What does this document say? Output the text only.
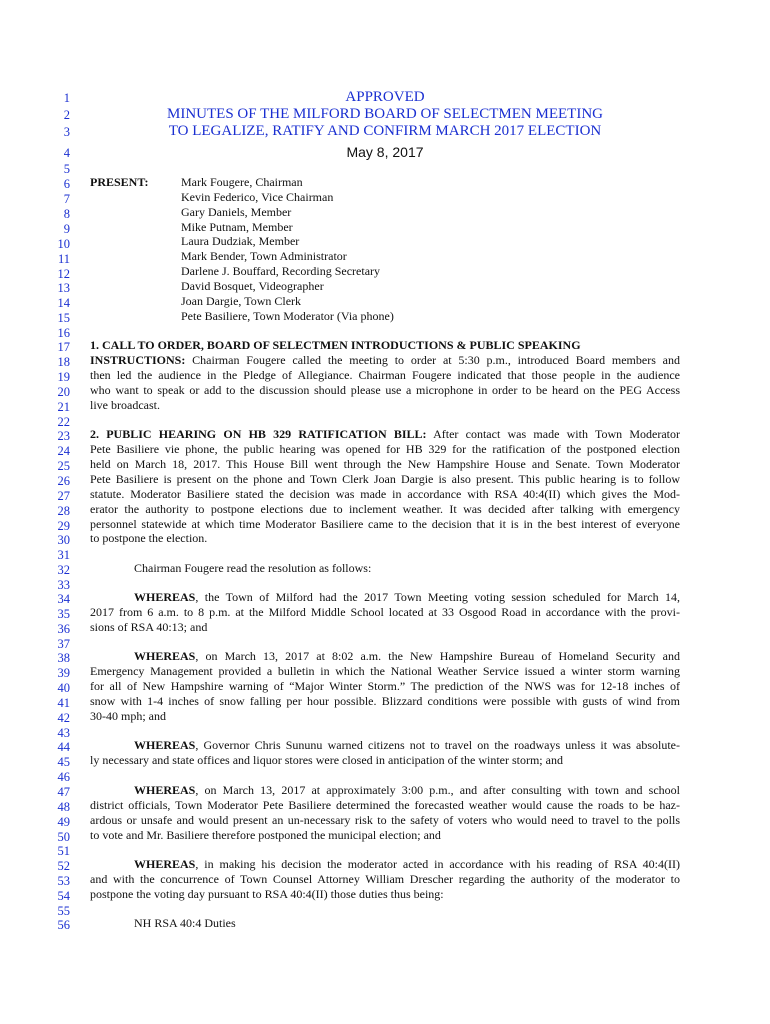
1
2
3
4
5
6
7
8
9
10
11
12
13
14
15
16
17
18
19
20
21
22
23
24
25
26
27
28
29
30
31
32
33
34
35
36
37
38
39
40
41
42
43
44
45
46
47
48
49
50
51
52
53
54
55
56
APPROVED
MINUTES OF THE MILFORD BOARD OF SELECTMEN MEETING
TO LEGALIZE, RATIFY AND CONFIRM MARCH 2017 ELECTION
May 8, 2017
PRESENT:	Mark Fougere, Chairman
Kevin Federico, Vice Chairman
Gary Daniels, Member
Mike Putnam, Member
Laura Dudziak, Member
Mark Bender, Town Administrator
Darlene J. Bouffard, Recording Secretary
David Bosquet, Videographer
Joan Dargie, Town Clerk
Pete Basiliere, Town Moderator (Via phone)
1. CALL TO ORDER, BOARD OF SELECTMEN INTRODUCTIONS & PUBLIC SPEAKING
INSTRUCTIONS: Chairman Fougere called the meeting to order at 5:30 p.m., introduced Board members and
then led the audience in the Pledge of Allegiance. Chairman Fougere indicated that those people in the audience
who want to speak or add to the discussion should please use a microphone in order to be heard on the PEG Access
live broadcast.
2. PUBLIC HEARING ON HB 329 RATIFICATION BILL: After contact was made with Town Moderator
Pete Basiliere vie phone, the public hearing was opened for HB 329 for the ratification of the postponed election
held on March 18, 2017. This House Bill went through the New Hampshire House and Senate. Town Moderator
Pete Basiliere is present on the phone and Town Clerk Joan Dargie is also present. This public hearing is to follow
statute. Moderator Basiliere stated the decision was made in accordance with RSA 40:4(II) which gives the Mod-
erator the authority to postpone elections due to inclement weather. It was decided after talking with emergency
personnel statewide at which time Moderator Basiliere came to the decision that it is in the best interest of everyone
to postpone the election.
Chairman Fougere read the resolution as follows:
WHEREAS, the Town of Milford had the 2017 Town Meeting voting session scheduled for March 14,
2017 from 6 a.m. to 8 p.m. at the Milford Middle School located at 33 Osgood Road in accordance with the provi-
sions of RSA 40:13; and
WHEREAS, on March 13, 2017 at 8:02 a.m. the New Hampshire Bureau of Homeland Security and
Emergency Management provided a bulletin in which the National Weather Service issued a winter storm warning
for all of New Hampshire warning of “Major Winter Storm.” The prediction of the NWS was for 12-18 inches of
snow with 1-4 inches of snow falling per hour possible. Blizzard conditions were possible with gusts of wind from
30-40 mph; and
WHEREAS, Governor Chris Sununu warned citizens not to travel on the roadways unless it was absolute-
ly necessary and state offices and liquor stores were closed in anticipation of the winter storm; and
WHEREAS, on March 13, 2017 at approximately 3:00 p.m., and after consulting with town and school
district officials, Town Moderator Pete Basiliere determined the forecasted weather would cause the roads to be haz-
ardous or unsafe and would present an un-necessary risk to the safety of voters who would need to travel to the polls
to vote and Mr. Basiliere therefore postponed the municipal election; and
WHEREAS, in making his decision the moderator acted in accordance with his reading of RSA 40:4(II)
and with the concurrence of Town Counsel Attorney William Drescher regarding the authority of the moderator to
postpone the voting day pursuant to RSA 40:4(II) those duties thus being:
NH RSA 40:4 Duties
